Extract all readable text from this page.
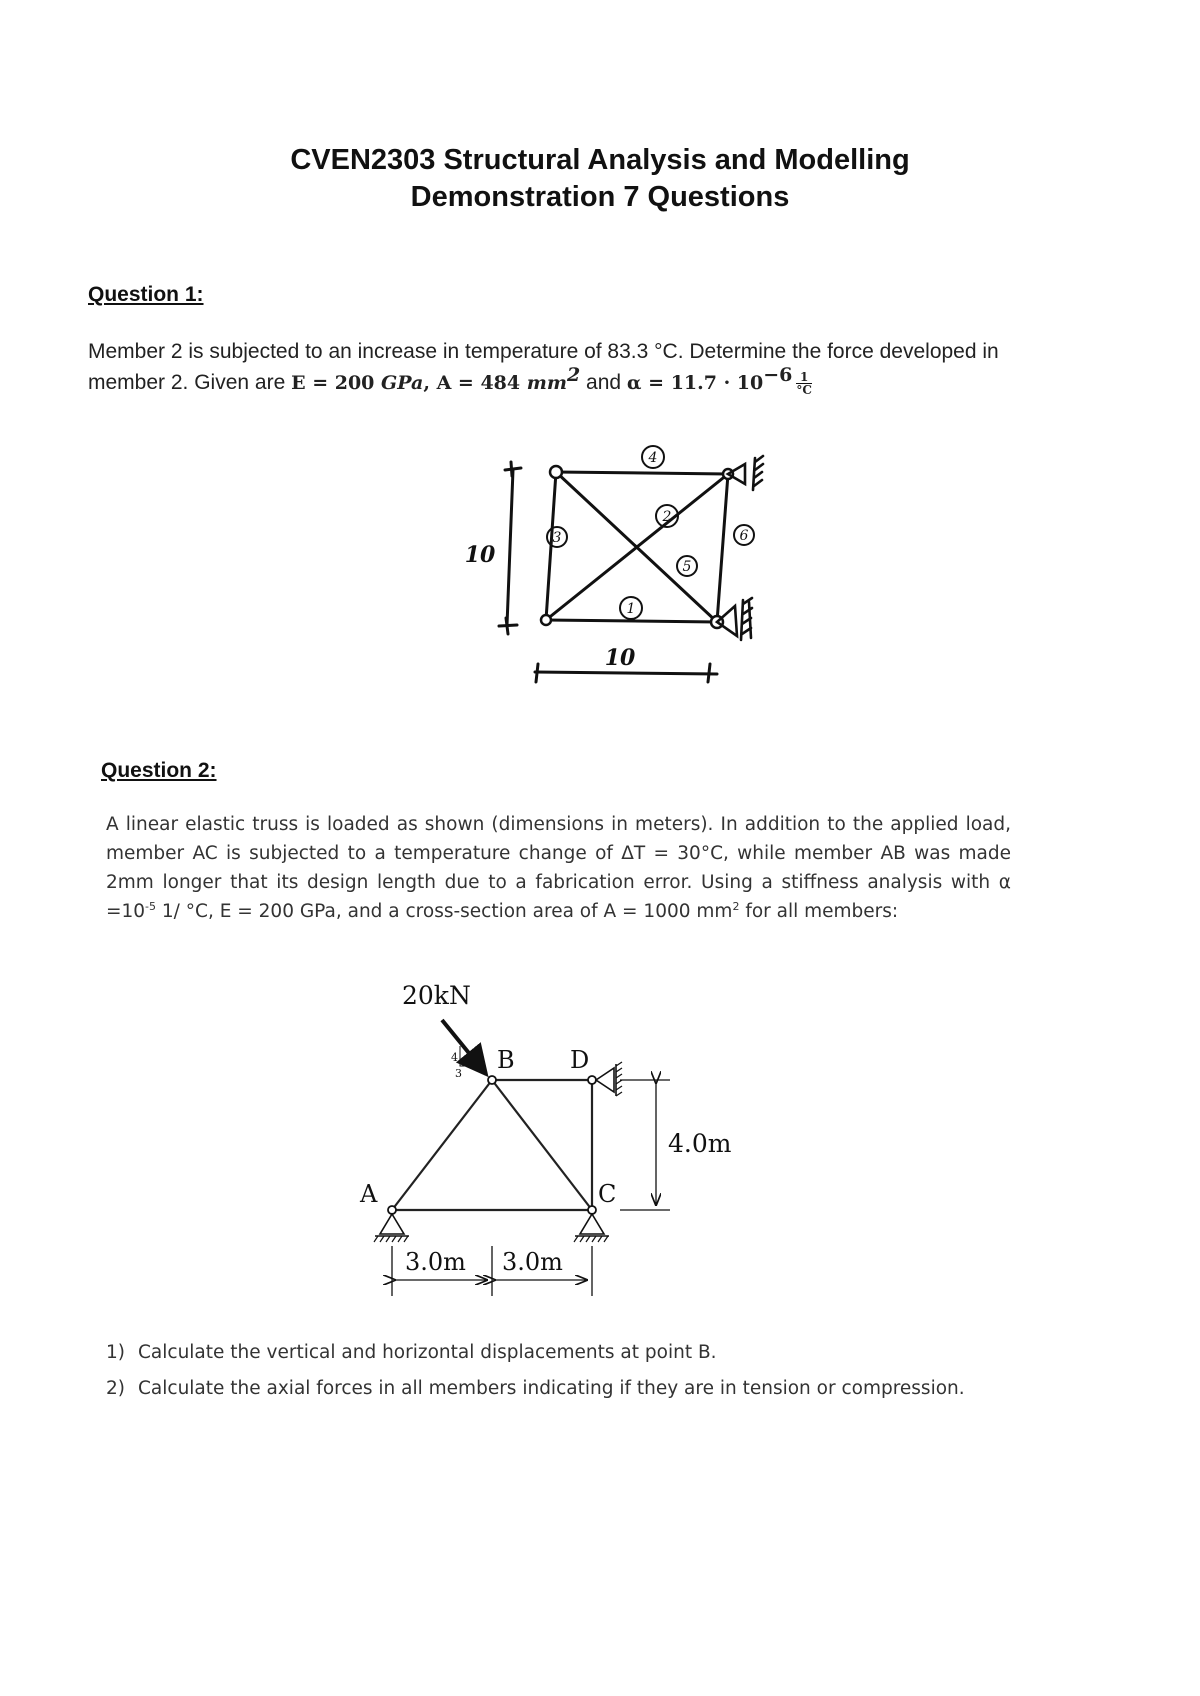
CVEN2303 Structural Analysis and Modelling
Demonstration 7 Questions
Question 1:
Member 2 is subjected to an increase in temperature of 83.3 °C. Determine the force developed in
member 2. Given are E = 200 GPa, A = 484 $mm^2$ and $\alpha = 11.7 \cdot 10^{-6} \frac{1}{^\circ C}$
4
2
3
5
6
1
10
10
Question 2:
A linear elastic truss is loaded as shown (dimensions in meters). In addition to the applied load, member AC is subjected to a temperature change of ΔT = 30°C, while member AB was made 2mm longer that its design length due to a fabrication error. Using a stiffness analysis with $\alpha =10^{-5}$ 1/ °C, E = 200 GPa, and a cross-section area of A = 1000 $mm^2$ for all members:
20kN
4
3 B D
A	C
4.0m
3.0m 3.0m
1) Calculate the vertical and horizontal displacements at point B.
2) Calculate the axial forces in all members indicating if they are in tension or compression.
